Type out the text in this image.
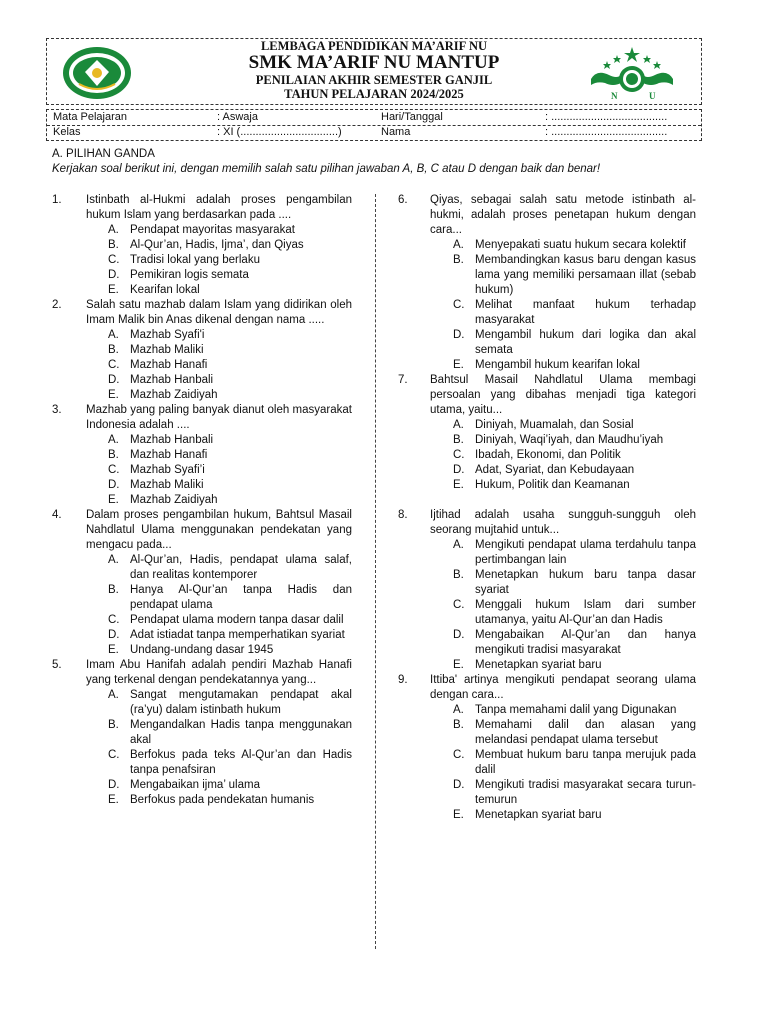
LEMBAGA PENDIDIKAN MA’ARIF NU
SMK MA’ARIF NU MANTUP
PENILAIAN AKHIR SEMESTER GANJIL
TAHUN PELAJARAN 2024/2025	N	U
Mata Pelajaran	: Aswaja	Hari/Tanggal	: ......................................
Kelas	: XI (................................)	Nama	: ......................................
A. PILIHAN GANDA
Kerjakan soal berikut ini, dengan memilih salah satu pilihan jawaban A, B, C atau D dengan baik dan benar!
1. Istinbath al-Hukmi adalah proses pengambilan hukum Islam yang berdasarkan pada ....
A. Pendapat mayoritas masyarakat
B. Al-Qur’an, Hadis, Ijma’, dan Qiyas
C. Tradisi lokal yang berlaku
D. Pemikiran logis semata
E. Kearifan lokal
2. Salah satu mazhab dalam Islam yang didirikan oleh Imam Malik bin Anas dikenal dengan nama .....
A. Mazhab Syafi'i
B. Mazhab Maliki
C. Mazhab Hanafi
D. Mazhab Hanbali
E. Mazhab Zaidiyah
3. Mazhab yang paling banyak dianut oleh masyarakat Indonesia adalah ....
A. Mazhab Hanbali
B. Mazhab Hanafi
C. Mazhab Syafi’i
D. Mazhab Maliki
E. Mazhab Zaidiyah
4. Dalam proses pengambilan hukum, Bahtsul Masail Nahdlatul Ulama menggunakan pendekatan yang mengacu pada...
A. Al-Qur’an, Hadis, pendapat ulama salaf, dan realitas kontemporer
B. Hanya Al-Qur’an tanpa Hadis dan pendapat ulama
C. Pendapat ulama modern tanpa dasar dalil
D. Adat istiadat tanpa memperhatikan syariat
E. Undang-undang dasar 1945
5. Imam Abu Hanifah adalah pendiri Mazhab Hanafi yang terkenal dengan pendekatannya yang...
A. Sangat mengutamakan pendapat akal (ra’yu) dalam istinbath hukum
B. Mengandalkan Hadis tanpa menggunakan akal
C. Berfokus pada teks Al-Qur’an dan Hadis tanpa penafsiran
D. Mengabaikan ijma’ ulama
E. Berfokus pada pendekatan humanis
6. Qiyas, sebagai salah satu metode istinbath al-hukmi, adalah proses penetapan hukum dengan cara...
A. Menyepakati suatu hukum secara kolektif
B. Membandingkan kasus baru dengan kasus lama yang memiliki persamaan illat (sebab hukum)
C. Melihat manfaat hukum terhadap masyarakat
D. Mengambil hukum dari logika dan akal semata
E. Mengambil hukum kearifan lokal
7. Bahtsul Masail Nahdlatul Ulama membagi persoalan yang dibahas menjadi tiga kategori utama, yaitu...
A. Diniyah, Muamalah, dan Sosial
B. Diniyah, Waqi’iyah, dan Maudhu’iyah
C. Ibadah, Ekonomi, dan Politik
D. Adat, Syariat, dan Kebudayaan
E. Hukum, Politik dan Keamanan
8. Ijtihad adalah usaha sungguh-sungguh oleh seorang mujtahid untuk...
A. Mengikuti pendapat ulama terdahulu tanpa pertimbangan lain
B. Menetapkan hukum baru tanpa dasar syariat
C. Menggali hukum Islam dari sumber utamanya, yaitu Al-Qur’an dan Hadis
D. Mengabaikan Al-Qur’an dan hanya mengikuti tradisi masyarakat
E. Menetapkan syariat baru
9. Ittiba' artinya mengikuti pendapat seorang ulama dengan cara...
A. Tanpa memahami dalil yang Digunakan
B. Memahami dalil dan alasan yang melandasi pendapat ulama tersebut
C. Membuat hukum baru tanpa merujuk pada dalil
D. Mengikuti tradisi masyarakat secara turun-temurun
E. Menetapkan syariat baru
